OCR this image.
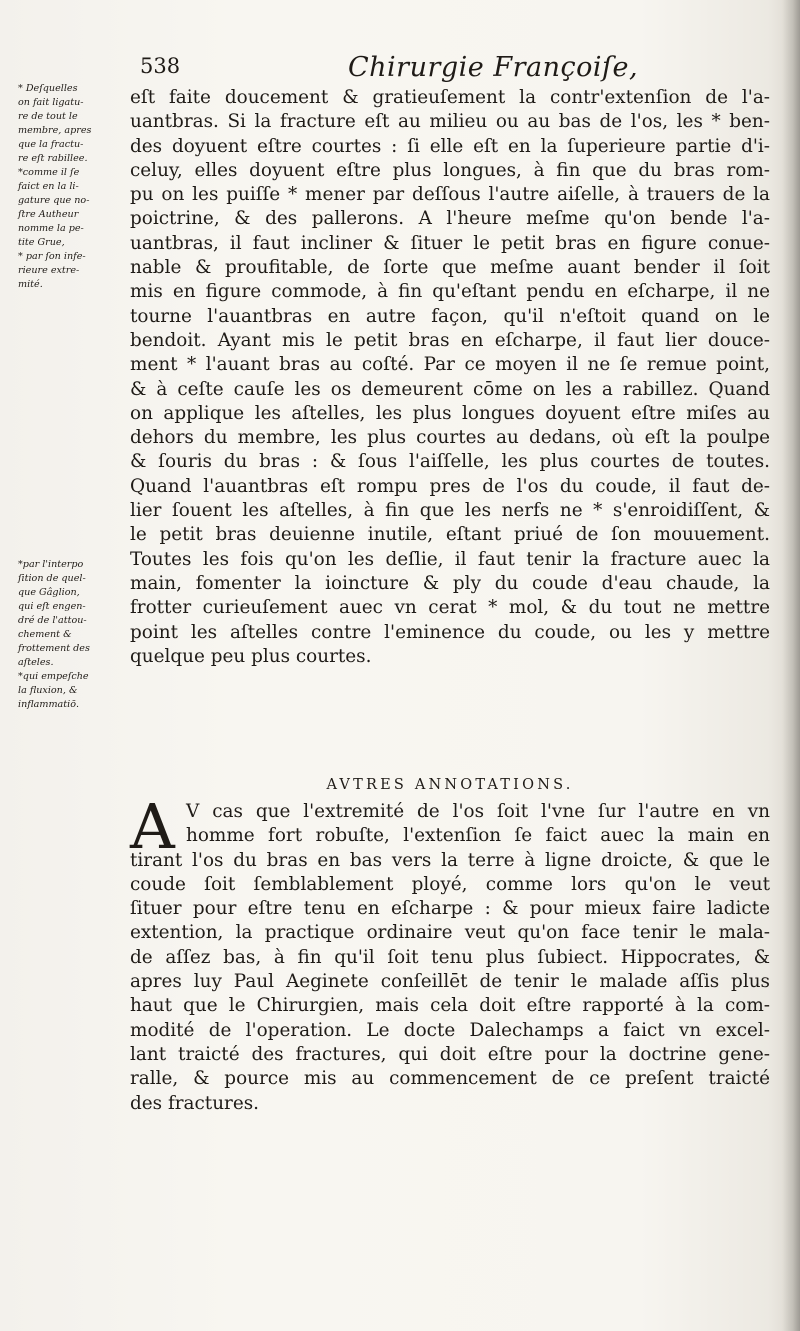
538	Chirurgie Françoiſe,

* Deſquelles
on fait ligatu-
re de tout le
membre, apres
que la fractu-
re eſt rabillee.
*comme il ſe
faict en la li-
gature que no-
ſtre Autheur
nomme la pe-
tite Grue,
* par ſon infe-
rieure extre-
mité.

*par l'interpo
ſition de quel-
que Gâglion,
qui eſt engen-
dré de l'attou-
chement &
frottement des
aſteles.
*qui empeſche
la fluxion, &
inflammatiō.

eſt faite doucement & gratieuſement la contr'extenſion de l'a-
uantbras. Si la fracture eſt au milieu ou au bas de l'os, les * ben-
des doyuent eſtre courtes : ſi elle eſt en la ſuperieure partie d'i-
celuy, elles doyuent eſtre plus longues, à fin que du bras rom-
pu on les puiſſe * mener par deſſous l'autre aiſelle, à trauers de la
poictrine, & des pallerons. A l'heure meſme qu'on bende l'a-
uantbras, il faut incliner & ſituer le petit bras en figure conue-
nable & proufitable, de ſorte que meſme auant bender il ſoit
mis en figure commode, à fin qu'eſtant pendu en eſcharpe, il ne
tourne l'auantbras en autre façon, qu'il n'eſtoit quand on le
bendoit. Ayant mis le petit bras en eſcharpe, il faut lier douce-
ment * l'auant bras au coſté. Par ce moyen il ne ſe remue point,
& à ceſte cauſe les os demeurent cōme on les a rabillez. Quand
on applique les aſtelles, les plus longues doyuent eſtre miſes au
dehors du membre, les plus courtes au dedans, où eſt la poulpe
& ſouris du bras : & ſous l'aiſſelle, les plus courtes de toutes.
Quand l'auantbras eſt rompu pres de l'os du coude, il faut de-
lier ſouent les aſtelles, à fin que les nerfs ne * s'enroidiſſent, &
le petit bras deuienne inutile, eſtant priué de ſon mouuement.
Toutes les fois qu'on les deſlie, il faut tenir la fracture auec la
main, fomenter la ioincture & ply du coude d'eau chaude, la
frotter curieuſement auec vn cerat * mol, & du tout ne mettre
point les aſtelles contre l'eminence du coude, ou les y mettre
quelque peu plus courtes.
AVTRES ANNOTATIONS.
A V cas que l'extremité de l'os ſoit l'vne ſur l'autre en vn
homme fort robuſte, l'extenſion ſe faict auec la main en
tirant l'os du bras en bas vers la terre à ligne droicte, & que le
coude ſoit ſemblablement ployé, comme lors qu'on le veut
ſituer pour eſtre tenu en eſcharpe : & pour mieux faire ladicte
extention, la practique ordinaire veut qu'on face tenir le mala-
de aſſez bas, à fin qu'il ſoit tenu plus ſubiect. Hippocrates, &
apres luy Paul Aeginete conſeillēt de tenir le malade aſſis plus
haut que le Chirurgien, mais cela doit eſtre rapporté à la com-
modité de l'operation. Le docte Dalechamps a faict vn excel-
lant traicté des fractures, qui doit eſtre pour la doctrine gene-
ralle, & pource mis au commencement de ce preſent traicté
des fractures.
